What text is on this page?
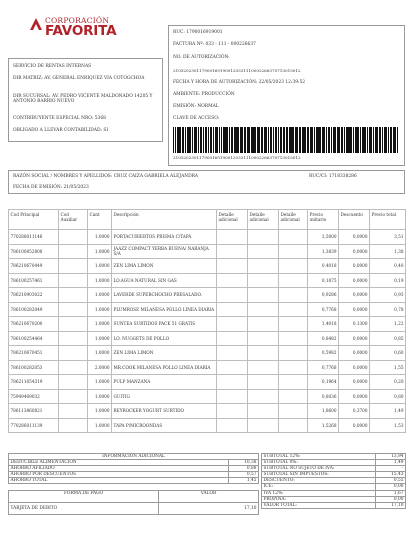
CORPORACIÓN
FAVORITA
SERVICIO DE RENTAS INTERNAS
DIR MATRIZ: AV. GENERAL ENRIQUEZ VIA COTOGCHOA
DIR SUCURSAL: AV. PEDRO VICENTE MALDONADO 14205 Y ANTONIO BARRIO NUEVO
CONTRIBUYENTE ESPECIAL NRO: 5368
OBLIGADO A LLEVAR CONTABILIDAD: SI
RUC: 1790016919001
FACTURA Nº: 033 - 111 - 000226637
NO. DE AUTORIZACIÓN:
2105202301179001691900120331110002266370713015012
FECHA Y HORA DE AUTORIZACIÓN: 22/05/2023 12:39:52
AMBIENTE: PRODUCCIÓN
EMISIÓN: NORMAL
CLAVE DE ACCESO:
2105202301179001691900120331110002266370713015012
RAZÓN SOCIAL / NOMBRES Y APELLIDOS: CRUZ CAIZA GABRIELA ALEJANDRA	RUC/CI: 1718338286
FECHA DE EMISIÓN: 21/05/2023
Cod Principal	Cod Auxiliar	Cant	Descripción	Detalle adicional	Detalle adicional	Detalle adicional	Precio unitario	Descuento	Precio total
770286011146		1.0000	PORTACUBIERTOS PRISMA C/TAPA				3,5000	0,0000	3,51
786100852808		1.0000	JAAZZ COMPACT YERBA BUENA/ NARANJA S/A				1,3839	0,0000	1,38
786210670449		1.0000	ZEN LIMA LIMON				0,4018	0,0000	0,40
786100257461		1.0000	LO.AGUA NATURAL SIN GAS				0,1875	0,0000	0,19
786210903022		1.0000	LAVERDE SUPERCHOCHO PRESALADO.				0,9286	0,0000	0,93
786100282049		1.0000	PLUMROSE MILANESA POLLO LINEA DIARIA				0,7768	0,0000	0,78
786210670200		1.0000	SUNTEA SURTIDOS PACK 51 GRATIS				1,4018	0,1300	1,22
786100254464		1.0000	LO. NUGGETS DE POLLO				0,8482	0,0000	0,85
786210670451		1.0000	ZEN LIMA LIMON				0,5982	0,0000	0,60
786100282053		2.0000	MR.COOK MILANESA POLLO LINEA DIARIA				0,7768	0,0000	1,55
786211054319		1.0000	PULP MANZANA				0,1964	0,0000	0,20
75949409032		1.0000	GUITIG				0,8036	0,0000	0,80
786113860821		1.0000	REYROCKER YOGURT SURTIDO				1,8600	0,3700	1,49
770286011139		1.0000	TAPA P/MICROONDAS				1,5268	0,0000	1,53
INFORMACIÓN ADICIONAL	
DEDUCIBLE ALIMENTACION	10,38
AHORRO AFILIADO	0,88
AHORRO POR DESCUENTOS	0,57
AHORRO TOTAL	1,45
FORMA DE PAGO	VALOR
TARJETA DE DEBITO	17,10
SUBTOTAL 12%:	13,94
SUBTOTAL 0%:	1,49
SUBTOTAL NO SUJETO DE IVA:	-
SUBTOTAL SIN IMPUESTOS:	15,43
DESCUENTO:	0,55
ICE:	0,00
IVA 12%:	1,67
PROPINA:	0,00
VALOR TOTAL:	17,10
